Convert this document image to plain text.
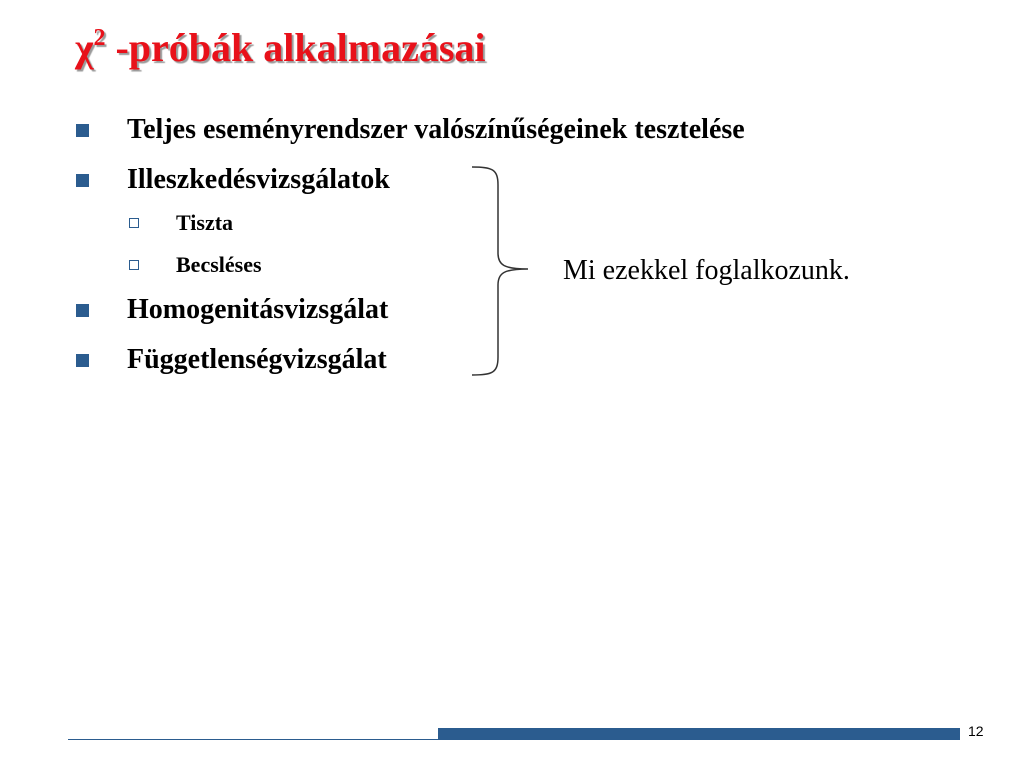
$\chi^2$ -próbák alkalmazásai
Teljes eseményrendszer valószínűségeinek tesztelése
Illeszkedésvizsgálatok
Tiszta
Becsléses
Homogenitásvizsgálat
Függetlenségvizsgálat
Mi ezekkel foglalkozunk.
12
